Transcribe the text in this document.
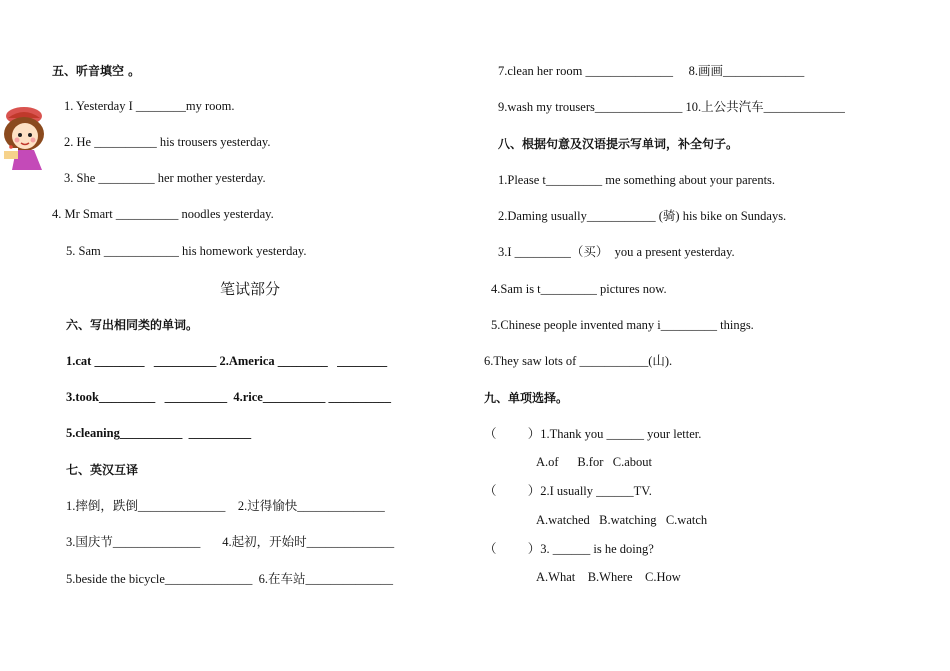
五、听音填空 。
1. Yesterday I ________my room.
2. He __________ his trousers yesterday.
3. She _________ her mother yesterday.
4. Mr Smart __________ noodles yesterday.
5. Sam ____________ his homework yesterday.
笔试部分
六、写出相同类的单词。
1.cat ________   __________ 2.America ________   ________
3.took_________   __________  4.rice__________ __________
5.cleaning__________  __________
七、英汉互译
1.摔倒，跌倒______________    2.过得愉快______________
3.国庆节______________       4.起初，开始时______________
5.beside the bicycle______________  6.在车站______________
7.clean her room ______________     8.画画_____________
9.wash my trousers______________ 10.上公共汽车_____________
八、根据句意及汉语提示写单词，补全句子。
1.Please t_________ me something about your parents.
2.Daming usually___________ (骑) his bike on Sundays.
3.I _________（买）  you a present yesterday.
4.Sam is t_________ pictures now.
5.Chinese people invented many i_________ things.
6.They saw lots of ___________(山).
九、单项选择。
（          ）1.Thank you ______ your letter.
A.of      B.for   C.about
（          ）2.I usually ______TV.
A.watched   B.watching   C.watch
（          ）3. ______ is he doing?
A.What    B.Where    C.How
